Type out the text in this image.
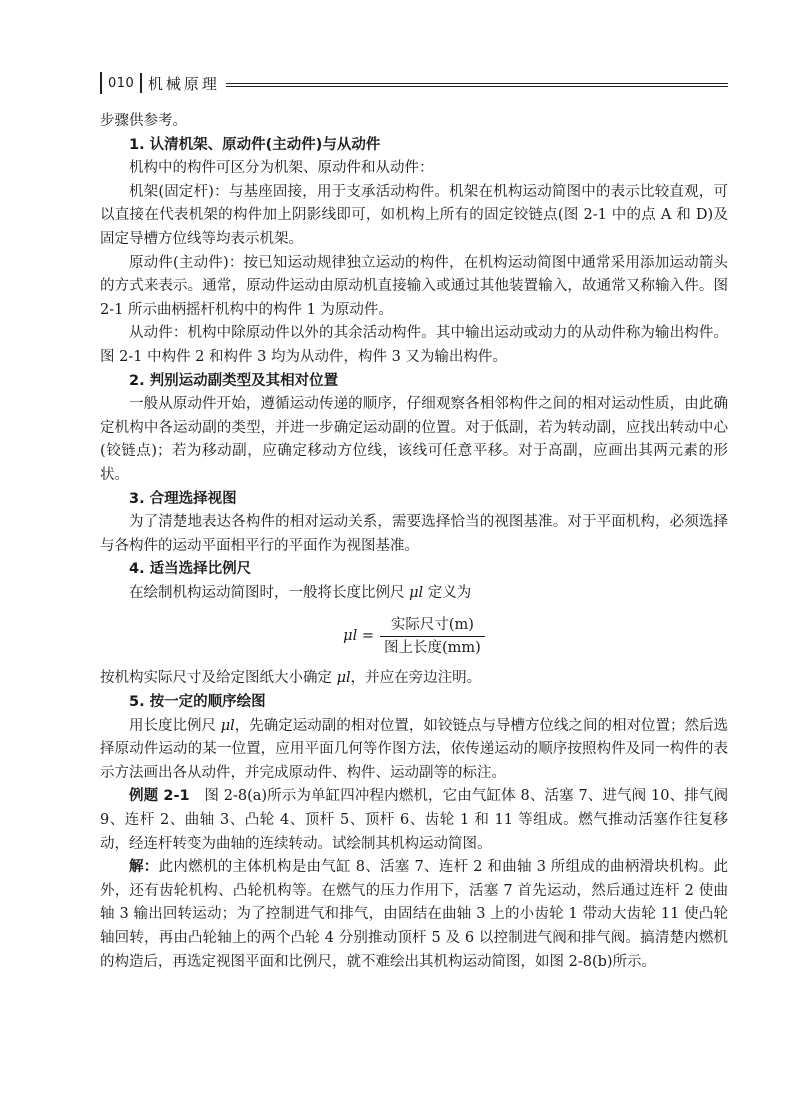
010 机械原理

步骤供参考。

1. 认清机架、原动件(主动件)与从动件

机构中的构件可区分为机架、原动件和从动件：

机架(固定杆)：与基座固接，用于支承活动构件。机架在机构运动简图中的表示比较直观，可以直接在代表机架的构件加上阴影线即可，如机构上所有的固定铰链点(图 2-1 中的点 A 和 D)及固定导槽方位线等均表示机架。

原动件(主动件)：按已知运动规律独立运动的构件，在机构运动简图中通常采用添加运动箭头的方式来表示。通常，原动件运动由原动机直接输入或通过其他装置输入，故通常又称输入件。图 2-1 所示曲柄摇杆机构中的构件 1 为原动件。

从动件：机构中除原动件以外的其余活动构件。其中输出运动或动力的从动件称为输出构件。图 2-1 中构件 2 和构件 3 均为从动件，构件 3 又为输出构件。

2. 判别运动副类型及其相对位置

一般从原动件开始，遵循运动传递的顺序，仔细观察各相邻构件之间的相对运动性质，由此确定机构中各运动副的类型，并进一步确定运动副的位置。对于低副，若为转动副，应找出转动中心(铰链点)；若为移动副，应确定移动方位线，该线可任意平移。对于高副，应画出其两元素的形状。

3. 合理选择视图

为了清楚地表达各构件的相对运动关系，需要选择恰当的视图基准。对于平面机构，必须选择与各构件的运动平面相平行的平面作为视图基准。

4. 适当选择比例尺

在绘制机构运动简图时，一般将长度比例尺 μl 定义为

$\mu l = \frac{\text{实际尺寸(m)}}{\text{图上长度(mm)}}$

按机构实际尺寸及给定图纸大小确定 μl，并应在旁边注明。

5. 按一定的顺序绘图

用长度比例尺 μl，先确定运动副的相对位置，如铰链点与导槽方位线之间的相对位置；然后选择原动件运动的某一位置，应用平面几何等作图方法，依传递运动的顺序按照构件及同一构件的表示方法画出各从动件，并完成原动件、构件、运动副等的标注。

例题 2-1　图 2-8(a)所示为单缸四冲程内燃机，它由气缸体 8、活塞 7、进气阀 10、排气阀 9、连杆 2、曲轴 3、凸轮 4、顶杆 5、顶杆 6、齿轮 1 和 11 等组成。燃气推动活塞作往复移动，经连杆转变为曲轴的连续转动。试绘制其机构运动简图。

解：此内燃机的主体机构是由气缸 8、活塞 7、连杆 2 和曲轴 3 所组成的曲柄滑块机构。此外，还有齿轮机构、凸轮机构等。在燃气的压力作用下，活塞 7 首先运动，然后通过连杆 2 使曲轴 3 输出回转运动；为了控制进气和排气，由固结在曲轴 3 上的小齿轮 1 带动大齿轮 11 使凸轮轴回转，再由凸轮轴上的两个凸轮 4 分别推动顶杆 5 及 6 以控制进气阀和排气阀。搞清楚内燃机的构造后，再选定视图平面和比例尺，就不难绘出其机构运动简图，如图 2-8(b)所示。
